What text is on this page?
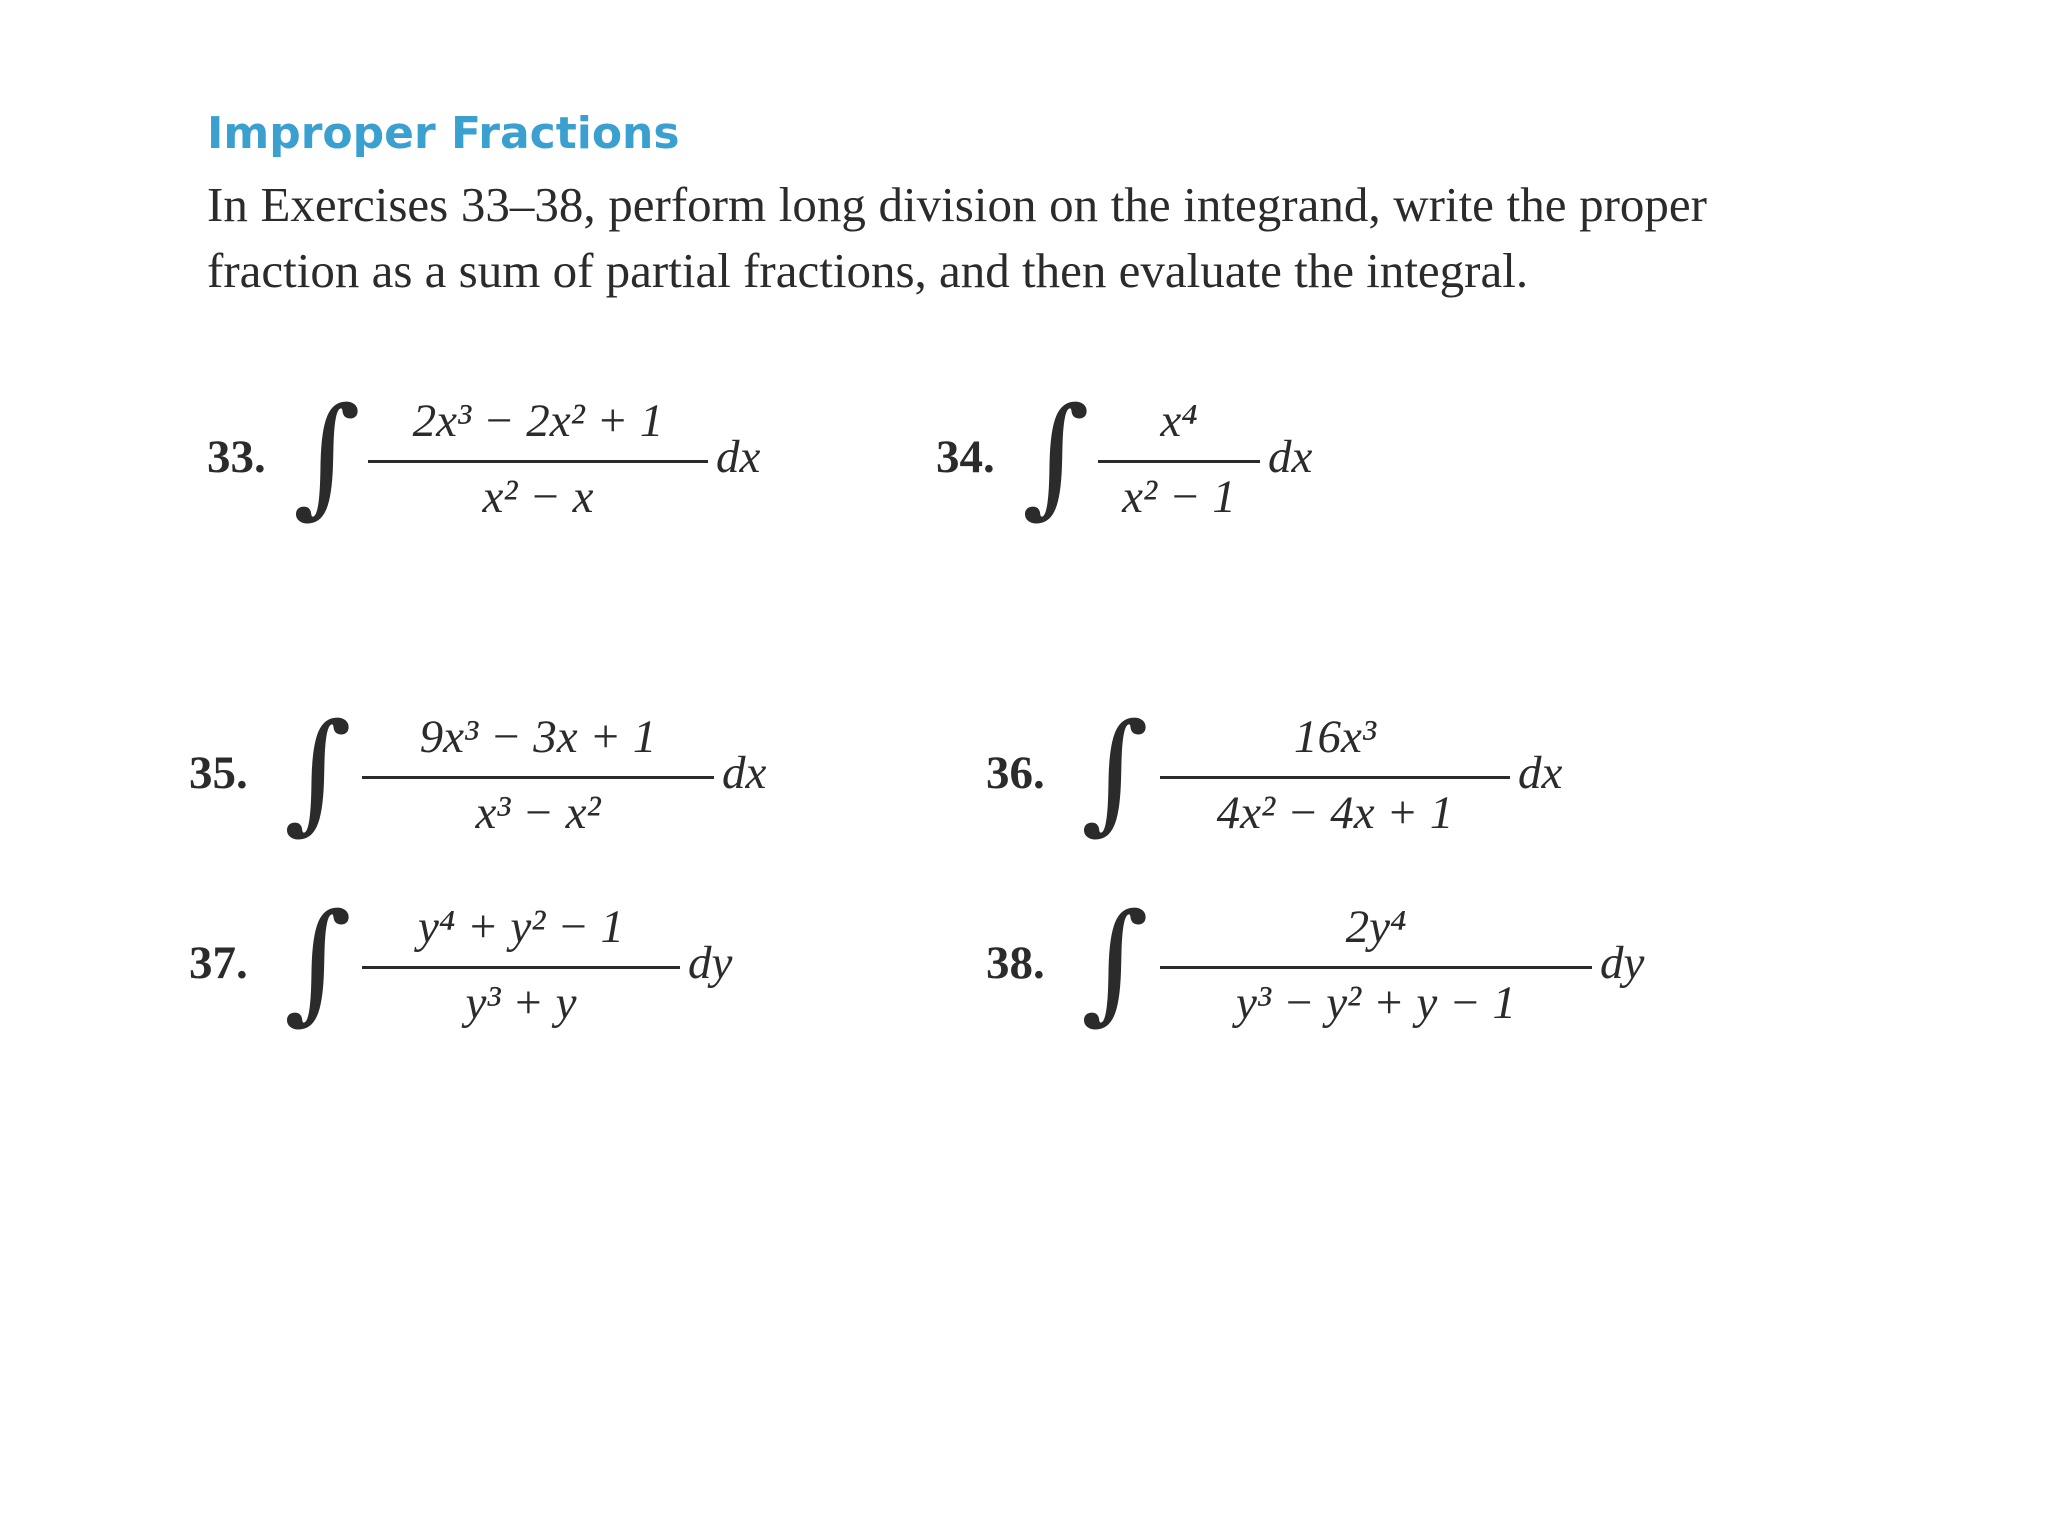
Improper Fractions

In Exercises 33–38, perform long division on the integrand, write the proper fraction as a sum of partial fractions, and then evaluate the integral.

33. ∫	2x³ − 2x² + 1
x² − x
dx	34. ∫	x⁴
x² − 1
dx
35. ∫	9x³ − 3x + 1
x³ − x²
dx	36. ∫	16x³
4x² − 4x + 1
dx
37. ∫	y⁴ + y² − 1
y³ + y
dy	38. ∫	2y⁴
y³ − y² + y − 1
dy
